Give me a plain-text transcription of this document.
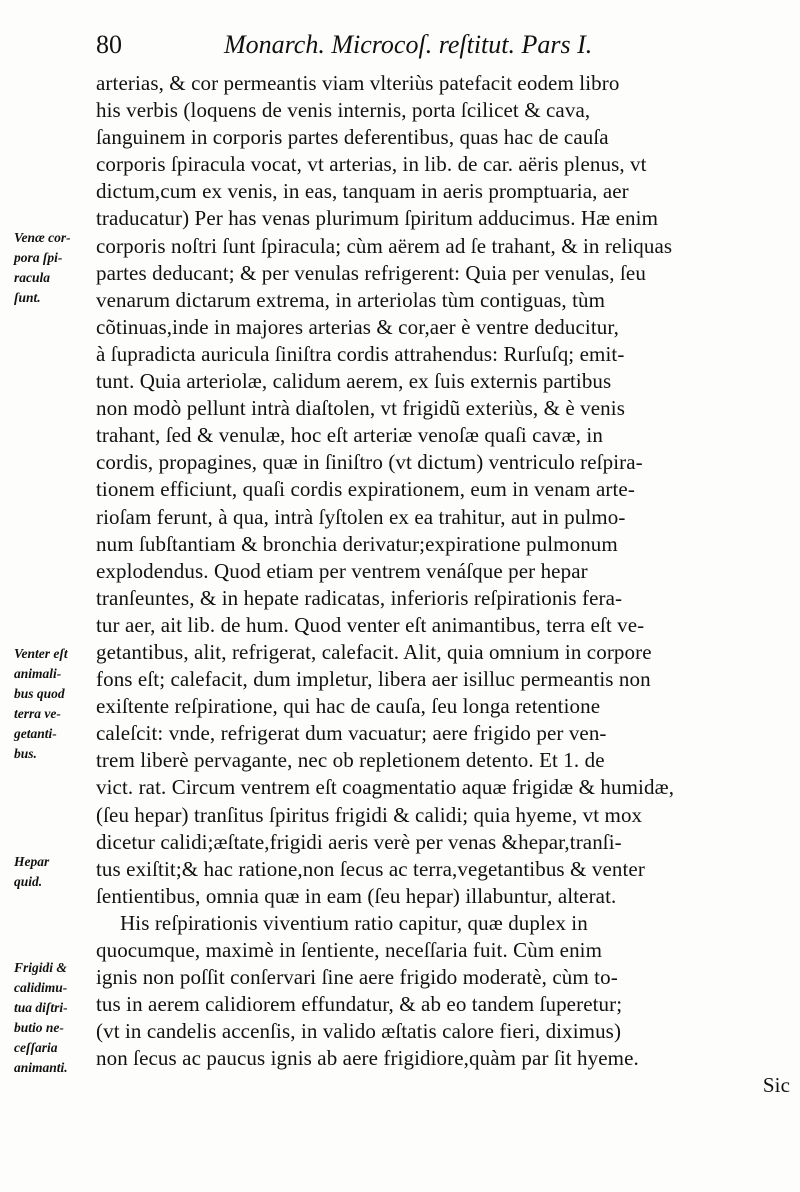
80	Monarch. Microcoſ. reſtitut. Pars I.
arterias, & cor permeantis viam vlteriùs patefacit eodem libro
his verbis (loquens de venis internis, porta ſcilicet & cava,
ſanguinem in corporis partes deferentibus, quas hac de cauſa
corporis ſpiracula vocat, vt arterias, in lib. de car. aëris plenus, vt
dictum,cum ex venis, in eas, tanquam in aeris promptuaria, aer
traducatur) Per has venas plurimum ſpiritum adducimus. Hæ enim
corporis noſtri ſunt ſpiracula; cùm aërem ad ſe trahant, & in reliquas
partes deducant; & per venulas refrigerent: Quia per venulas, ſeu
venarum dictarum extrema, in arteriolas tùm contiguas, tùm
cõtinuas,inde in majores arterias & cor,aer è ventre deducitur,
à ſupradicta auricula ſiniſtra cordis attrahendus: Rurſuſq; emit-
tunt. Quia arteriolæ, calidum aerem, ex ſuis externis partibus
non modò pellunt intrà diaſtolen, vt frigidũ exteriùs, & è venis
trahant, ſed & venulæ, hoc eſt arteriæ venoſæ quaſi cavæ, in
cordis, propagines, quæ in ſiniſtro (vt dictum) ventriculo reſpira-
tionem efficiunt, quaſi cordis expirationem, eum in venam arte-
rioſam ferunt, à qua, intrà ſyſtolen ex ea trahitur, aut in pulmo-
num ſubſtantiam & bronchia derivatur;expiratione pulmonum
explodendus. Quod etiam per ventrem venáſque per hepar
tranſeuntes, & in hepate radicatas, inferioris reſpirationis fera-
tur aer, ait lib. de hum. Quod venter eſt animantibus, terra eſt ve-
getantibus, alit, refrigerat, calefacit. Alit, quia omnium in corpore
fons eſt; calefacit, dum impletur, libera aer isilluc permeantis non
exiſtente reſpiratione, qui hac de cauſa, ſeu longa retentione
caleſcit: vnde, refrigerat dum vacuatur; aere frigido per ven-
trem liberè pervagante, nec ob repletionem detento. Et 1. de
vict. rat. Circum ventrem eſt coagmentatio aquæ frigidæ & humidæ,
(ſeu hepar) tranſitus ſpiritus frigidi & calidi; quia hyeme, vt mox
dicetur calidi;æſtate,frigidi aeris verè per venas &hepar,tranſi-
tus exiſtit;& hac ratione,non ſecus ac terra,vegetantibus & venter
ſentientibus, omnia quæ in eam (ſeu hepar) illabuntur, alterat.
His reſpirationis viventium ratio capitur, quæ duplex in
quocumque, maximè in ſentiente, neceſſaria fuit. Cùm enim
ignis non poſſit conſervari ſine aere frigido moderatè, cùm to-
tus in aerem calidiorem effundatur, & ab eo tandem ſuperetur;
(vt in candelis accenſis, in valido æſtatis calore fieri, diximus)
non ſecus ac paucus ignis ab aere frigidiore,quàm par ſit hyeme.
Sic
Venæ cor-
pora ſpi-
racula
ſunt.
Venter eſt
animali-
bus quod
terra ve-
getanti-
bus.
Hepar
quid.
Frigidi &
calidimu-
tua diſtri-
butio ne-
ceſſaria
animanti.
